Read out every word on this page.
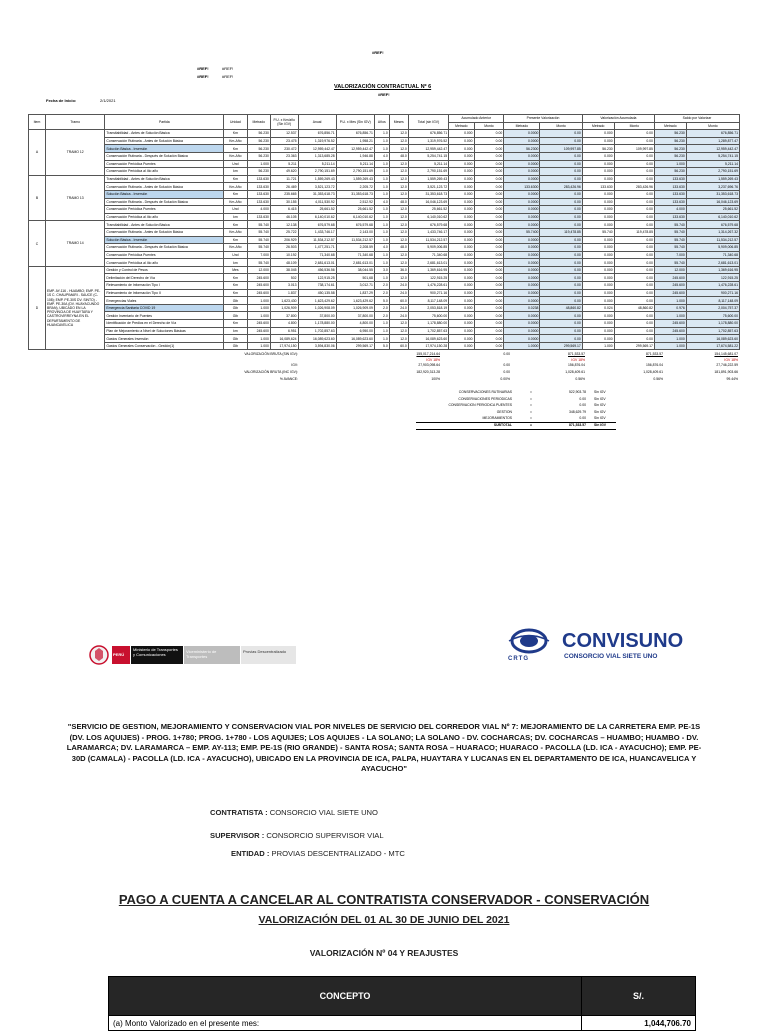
#REF!
#REF!	#REF!
#REF!	#REF!
VALORIZACIÓN CONTRACTUAL Nº 6
#REF!
Fecha de Inicio:	2/1/2021
Item	Tramo	Partida	Unidad	Metrado	P.U. x Km/año (Sin IGV)	Anual	P.U. x Mes (Sin IGV)	Años	Meses	Total (sin IGV)	Acumulado Anterior		Presente Valorización		Valorización Acumulada		Saldo por Valorizar	
											Metrado	Monto	Metrado	Monto	Metrado	Monto	Metrado	Monto
A	TRAMO 12	Transitabilidad - Antes de Solución Básica	Km	56.230	12.537	676,856.71	676,856.71	1.0	12.0	676,856.71	0.000	0.00	0.0000	0.00	0.000	0.00	56.230	676,856.71
		Conservación Rutinaria - Antes de Solución Básica	Km-Año	56.230	23.475	1,319,976.52	1,958.21	1.0	12.0	1,319,976.52	0.000	0.00	0.0000	0.00	0.000	0.00	56.230	1,289,877.47
		Solución Básica - Inversión	Km	56.230	230.472	12,959,442.47	12,959,442.47	1.0	12.0	12,959,442.47	0.000	0.00	56.2300	109,997.85	56.230	109,997.85	56.230	12,959,442.47
		Conservación Rutinaria - Después de Solución Básica	Km-Año	56.230	23.363	1,313,685.28	1,946.88	4.0	48.0	5,254,741.15	0.000	0.00	0.0000	0.00	0.000	0.00	56.230	5,254,741.15
		Conservación Periódica Puentes	Und	1.000	5.211	5,211.14	5,211.14	1.0	12.0	5,211.14	0.000	0.00	0.0000	0.00	0.000	0.00	1.000	5,211.14
		Conservación Periódica al 4to año	km	56.230	49.620	2,790,151.69	2,790,151.69	1.0	12.0	2,790,151.69	0.000	0.00	0.0000	0.00	0.000	0.00	56.230	2,790,151.69
B	TRAMO 13	Transitabilidad - Antes de Solución Básica	Km	133.630	11.721	1,559,269.43	1,559,269.43	1.0	12.0	1,559,269.43	0.000	0.00	0.0000	0.00	0.000	0.00	133.630	1,559,269.43
		Conservación Rutinaria - Antes de Solución Básica	Km-Año	133.630	26.469	3,521,123.72	2,205.72	1.0	12.0	3,521,123.72	0.000	0.00	133.6300	283,426.96	133.630	283,426.96	133.630	3,237,696.76
		Solución Básica - Inversión	Km	133.630	235.665	31,353,618.73	31,353,618.73	1.0	12.0	31,353,618.73	0.000	0.00	0.0000	0.00	0.000	0.00	133.630	31,353,618.73
		Conservación Rutinaria - Después de Solución Básica	Km-Año	133.630	30.155	4,011,530.92	2,512.92	4.0	48.0	16,046,123.69	0.000	0.00	0.0000	0.00	0.000	0.00	133.630	16,046,123.69
		Conservación Periódica Puentes	Und	4.000	6.415	25,661.52	25,661.52	1.0	12.0	25,661.52	0.000	0.00	0.0000	0.00	0.000	0.00	4.000	25,661.52
		Conservación Periódica al 4to año	km	133.630	46.105	6,140,010.62	6,140,010.62	1.0	12.0	6,140,010.62	0.000	0.00	0.0000	0.00	0.000	0.00	133.630	6,140,010.62
C	TRAMO 14	Transitabilidad - Antes de Solución Básica	Km	55.740	12.138	676,579.68	676,579.68	1.0	12.0	676,579.68	0.000	0.00	0.0000	0.00	0.000	0.00	55.740	676,579.68
		Conservación Rutinaria - Antes de Solución Básica	Km-Año	55.740	25.722	1,433,746.17	2,143.00	1.0	12.0	1,433,746.17	0.000	0.00	55.7400	119,478.85	55.740	119,478.85	55.740	1,314,267.32
		Solución Básica - Inversión	Km	55.740	206.929	11,534,212.57	11,534,212.57	1.0	12.0	11,534,212.57	0.000	0.00	0.0000	0.00	0.000	0.00	55.740	11,534,212.57
		Conservación Rutinaria - Después de Solución Básica	Km-Año	55.740	26.503	1,477,251.71	2,208.59	4.0	48.0	5,909,006.85	0.000	0.00	0.0000	0.00	0.000	0.00	55.740	5,909,006.85
		Conservación Periódica Puentes	Und	7.000	10.192	71,340.68	71,340.68	1.0	12.0	71,340.68	0.000	0.00	0.0000	0.00	0.000	0.00	7.000	71,340.68
		Conservación Periódica al 4to año	km	55.740	48.109	2,681,613.01	2,681,613.01	1.0	12.0	2,681,613.01	0.000	0.00	0.0000	0.00	0.000	0.00	55.740	2,681,613.01
D	EMP. AY-116 - HUAMBO; EMP. PE-1S C. CHAUPIMARI - SAUCE (C-108); EMP. PE-30S DV. SINTO) - EMP. PE-30A (DV. HUAYACUNDO BRAN), UBICADO EN LA PROVINCIA DE HUAYTARA Y CASTROVIRREYNA EN EL DEPARTAMENTO DE HUANCAVELICA	Gestión y Control de Pesos	Mes	12.000	38.045	456,536.56	38,044.55	3.0	36.0	1,369,616.95	0.000	0.00	0.0000	0.00	0.000	0.00	12.000	1,369,616.95
		Delimitación del Derecho de Vía	Km	245.600	502	122,915.25	501,68	1.0	12.0	122,915.25	0.000	0.00	0.0000	0.00	0.000	0.00	245.600	122,915.25
		Relevamiento de Información Tipo I	Km	245.600	3.013	738,174.61	3,012.71	2.0	24.0	1,476,228.61	0.000	0.00	0.0000	0.00	0.000	0.00	245.600	1,476,228.61
		Relevamiento de Información Tipo II	Km	245.600	1.837	450,135.58	1,837.29	2.0	24.0	900,271.16	0.000	0.00	0.0000	0.00	0.000	0.00	245.600	900,271.16
		Emergencias Viales	Glb	1.000	1,623,430	1,623,429.62	1,623,429.62	5.0	60.0	8,117,148.09	0.000	0.00	0.0000	0.00	0.000	0.00	1.000	8,117,148.09
		Emergencia Sanitaria COVID 19	Glb	1.000	1,026,909	1,026,908.09	1,026,909.09	2.0	24.0	2,053,818.19	0.000	0.00	0.0238	48,860.82	0.024	48,860.82	0.976	2,004,757.37
		Gestión Inventario de Puentes	Glb	1.000	37.800	37,800.00	37,800.00	2.0	24.0	75,600.00	0.000	0.00	0.0000	0.00	0.000	0.00	1.000	75,600.00
		Identificación de Predios en el Derecho de Vía	Km	245.600	4.800	1,178,880.00	4,800.00	1.0	12.0	1,178,880.00	0.000	0.00	0.0000	0.00	0.000	0.00	245.600	1,178,880.00
		Plan de Mejoramiento a Nivel de Soluciones Básicas	km	245.600	6.951	1,702,857.63	6,950.00	1.0	12.0	1,702,857.63	0.000	0.00	0.0000	0.00	0.000	0.00	245.600	1,702,857.63
		Gastos Generales Inversión	Glb	1.000	16,089,624	16,089,623.60	16,089,623.60	1.0	12.0	16,089,623.60	0.000	0.00	0.0000	0.00	0.000	0.00	1.000	16,089,623.60
		Gastos Generales Conservación - Gestión(1)	Glb	1.000	17,974,150	3,594,830.06	299,569.17	5.0	60.0	17,974,150.28	0.000	0.00	1.0000	299,569.17	1.000	299,569.17	1.000	17,674,581.22
VALORIZACIÓN BRUTA (SIN IGV):	155,017,214.64	0.00	871,533.57	871,533.57	154,145,681.07
IGV 18%	IGV 18%	IGV 18%
IGV:	27,903,098.64	0.00	156,876.04	156,876.04	27,746,222.59
VALORIZACIÓN BRUTA (INC IGV):	182,920,313.28	0.00	1,028,409.61	1,028,409.61	181,891,903.66
% AVANCE:	100%	0.00%	0.56%	0.56%	99.44%
CONSERVACIONES RUTINARIAS	=	522,903.78 Sin IGV
CONSERVACIONES PERIODICAS	=	0.00 Sin IGV
CONSERVACION PERIODICA PUENTES	=	0.00 Sin IGV
GESTION	=	348,629.79 Sin IGV
MEJORAMIENTOS	=	0.00 Sin IGV
SUBTOTAL	=	871,533.57 Sin IGV
PERÚ
Ministerio de Transportes y Comunicaciones
Viceministerio de Transportes
Provias Descentralizado
CRTG
CONVISUNO
CONSORCIO VIAL SIETE UNO
"SERVICIO DE GESTION, MEJORAMIENTO Y CONSERVACION VIAL POR NIVELES DE SERVICIO DEL CORREDOR VIAL Nº 7: MEJORAMIENTO DE LA CARRETERA EMP. PE-1S (DV. LOS AQUIJES) - PROG. 1+780; PROG. 1+780 - LOS AQUIJES; LOS AQUIJES - LA SOLANO; LA SOLANO - DV. COCHARCAS; DV. COCHARCAS – HUAMBO; HUAMBO - DV. LARAMARCA; DV. LARAMARCA – EMP. AY-113; EMP. PE-1S (RIO GRANDE) - SANTA ROSA; SANTA ROSA – HUARACO; HUARACO - PACOLLA (LD. ICA - AYACUCHO); EMP. PE-30D (CAMALA) - PACOLLA (LD. ICA - AYACUCHO), UBICADO EN LA PROVINCIA DE ICA, PALPA, HUAYTARA Y LUCANAS EN EL DEPARTAMENTO DE ICA, HUANCAVELICA Y AYACUCHO"
CONTRATISTA : CONSORCIO VIAL SIETE UNO
SUPERVISOR : CONSORCIO SUPERVISOR VIAL
ENTIDAD : PROVIAS DESCENTRALIZADO - MTC
PAGO A CUENTA A CANCELAR AL CONTRATISTA CONSERVADOR - CONSERVACIÓN
VALORIZACIÓN DEL 01 AL 30 DE JUNIO DEL 2021
VALORIZACIÓN Nº 04 Y REAJUSTES
CONCEPTO	S/.
(a) Monto Valorizado en el presente mes:	1,044,706.70
